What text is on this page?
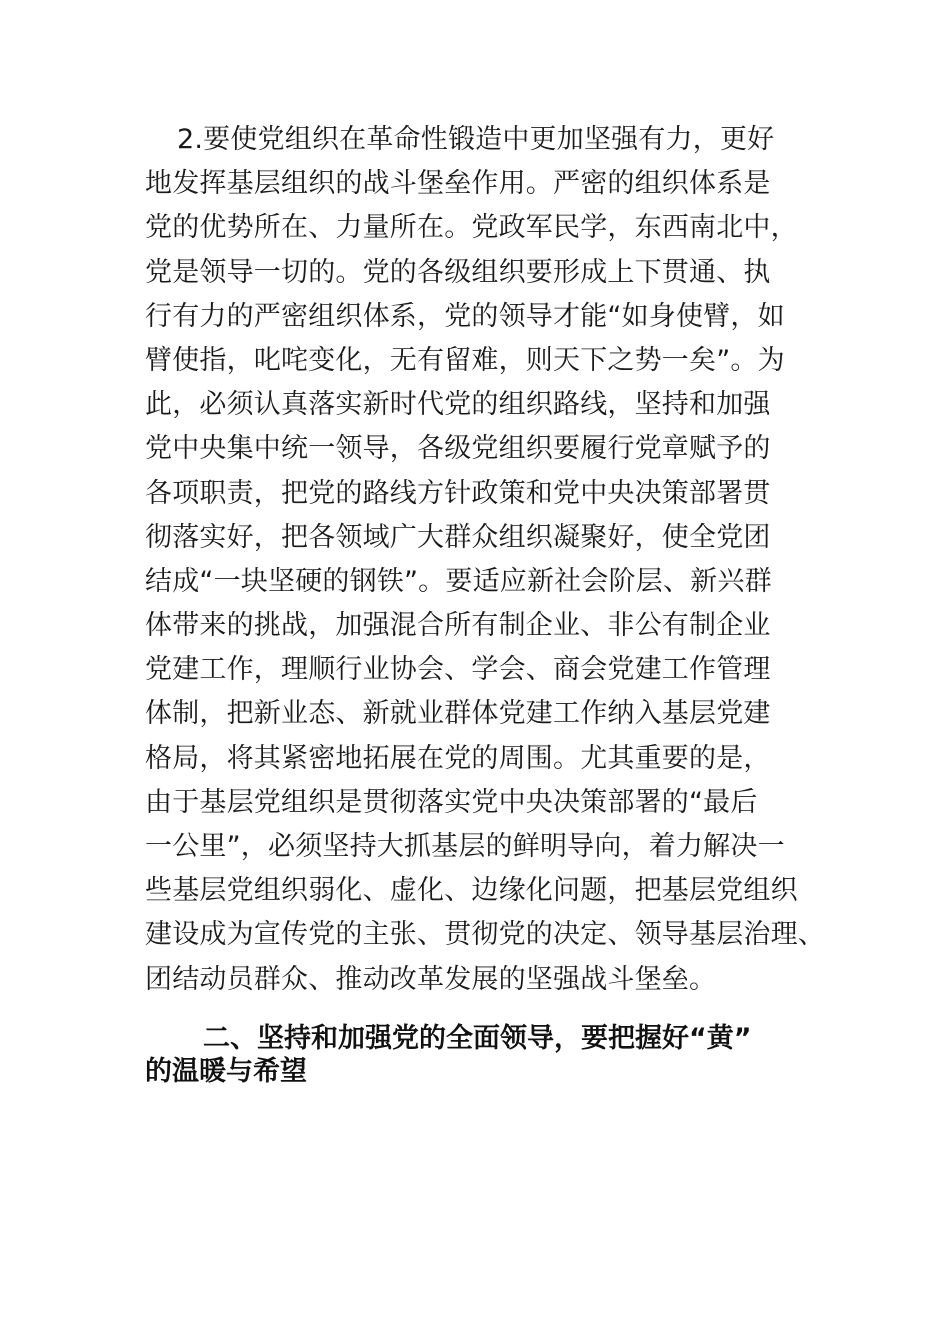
2.要使党组织在革命性锻造中更加坚强有力，更好
地发挥基层组织的战斗堡垒作用。严密的组织体系是
党的优势所在、力量所在。党政军民学，东西南北中，
党是领导一切的。党的各级组织要形成上下贯通、执
行有力的严密组织体系，党的领导才能“如身使臂，如
臂使指，叱咤变化，无有留难，则天下之势一矣”。为
此，必须认真落实新时代党的组织路线，坚持和加强
党中央集中统一领导，各级党组织要履行党章赋予的
各项职责，把党的路线方针政策和党中央决策部署贯
彻落实好，把各领域广大群众组织凝聚好，使全党团
结成“一块坚硬的钢铁”。要适应新社会阶层、新兴群
体带来的挑战，加强混合所有制企业、非公有制企业
党建工作，理顺行业协会、学会、商会党建工作管理
体制，把新业态、新就业群体党建工作纳入基层党建
格局，将其紧密地拓展在党的周围。尤其重要的是，
由于基层党组织是贯彻落实党中央决策部署的“最后
一公里”，必须坚持大抓基层的鲜明导向，着力解决一
些基层党组织弱化、虚化、边缘化问题，把基层党组织
建设成为宣传党的主张、贯彻党的决定、领导基层治理、
团结动员群众、推动改革发展的坚强战斗堡垒。
二、坚持和加强党的全面领导，要把握好“黄”
的温暖与希望
